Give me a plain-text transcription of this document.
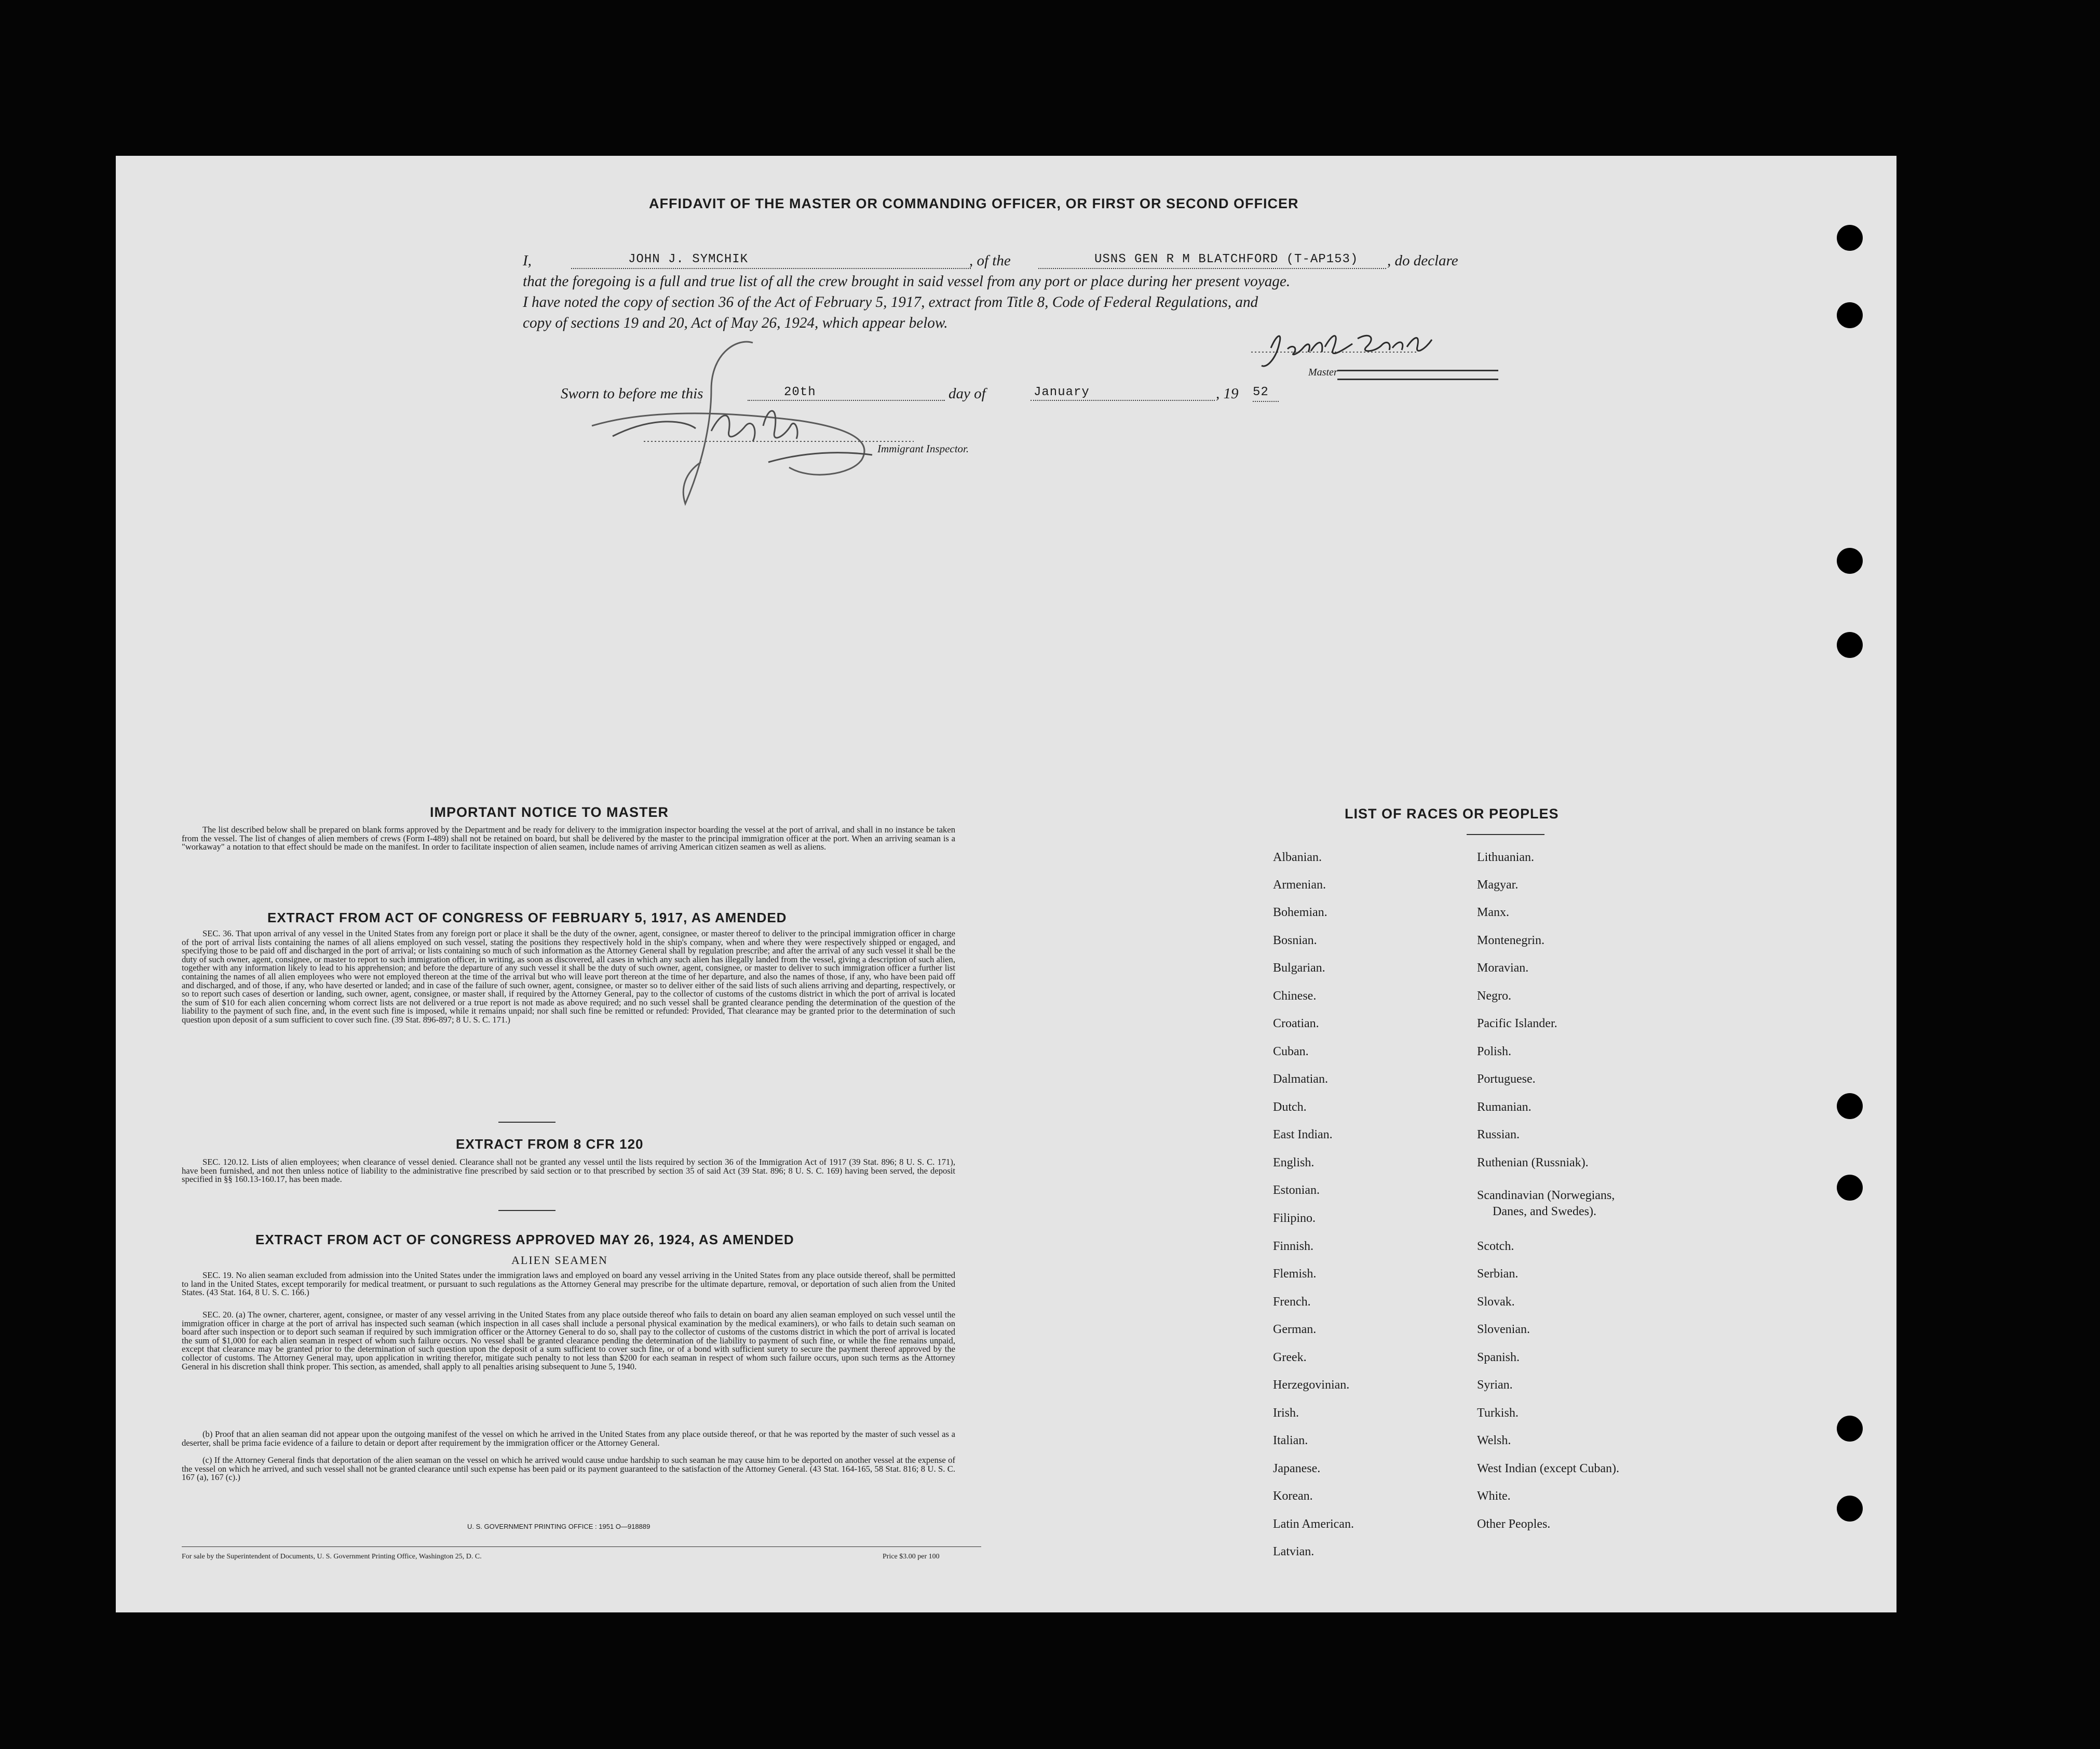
AFFIDAVIT OF THE MASTER OR COMMANDING OFFICER, OR FIRST OR SECOND OFFICER
I,	JOHN J. SYMCHIK	, of the	USNS GEN R M BLATCHFORD (T-AP153)	, do declare
that the foregoing is a full and true list of all the crew brought in said vessel from any port or place during her present voyage.
I have noted the copy of section 36 of the Act of February 5, 1917, extract from Title 8, Code of Federal Regulations, and
copy of sections 19 and 20, Act of May 26, 1924, which appear below.
Master
Sworn to before me this	20th	day of	January	, 19 52
Immigrant Inspector.
IMPORTANT NOTICE TO MASTER
The list described below shall be prepared on blank forms approved by the Department and be ready for delivery to the immigration inspector boarding the vessel at the port of arrival, and shall in no instance be taken from the vessel. The list of changes of alien members of crews (Form I-489) shall not be retained on board, but shall be delivered by the master to the principal immigration officer at the port. When an arriving seaman is a "workaway" a notation to that effect should be made on the manifest. In order to facilitate inspection of alien seamen, include names of arriving American citizen seamen as well as aliens.
EXTRACT FROM ACT OF CONGRESS OF FEBRUARY 5, 1917, AS AMENDED
SEC. 36. That upon arrival of any vessel in the United States from any foreign port or place it shall be the duty of the owner, agent, consignee, or master thereof to deliver to the principal immigration officer in charge of the port of arrival lists containing the names of all aliens employed on such vessel, stating the positions they respectively hold in the ship's company, when and where they were respectively shipped or engaged, and specifying those to be paid off and discharged in the port of arrival; or lists containing so much of such information as the Attorney General shall by regulation prescribe; and after the arrival of any such vessel it shall be the duty of such owner, agent, consignee, or master to report to such immigration officer, in writing, as soon as discovered, all cases in which any such alien has illegally landed from the vessel, giving a description of such alien, together with any information likely to lead to his apprehension; and before the departure of any such vessel it shall be the duty of such owner, agent, consignee, or master to deliver to such immigration officer a further list containing the names of all alien employees who were not employed thereon at the time of the arrival but who will leave port thereon at the time of her departure, and also the names of those, if any, who have been paid off and discharged, and of those, if any, who have deserted or landed; and in case of the failure of such owner, agent, consignee, or master so to deliver either of the said lists of such aliens arriving and departing, respectively, or so to report such cases of desertion or landing, such owner, agent, consignee, or master shall, if required by the Attorney General, pay to the collector of customs of the customs district in which the port of arrival is located the sum of $10 for each alien concerning whom correct lists are not delivered or a true report is not made as above required; and no such vessel shall be granted clearance pending the determination of the question of the liability to the payment of such fine, and, in the event such fine is imposed, while it remains unpaid; nor shall such fine be remitted or refunded: Provided, That clearance may be granted prior to the determination of such question upon deposit of a sum sufficient to cover such fine. (39 Stat. 896-897; 8 U. S. C. 171.)
EXTRACT FROM 8 CFR 120
SEC. 120.12. Lists of alien employees; when clearance of vessel denied. Clearance shall not be granted any vessel until the lists required by section 36 of the Immigration Act of 1917 (39 Stat. 896; 8 U. S. C. 171), have been furnished, and not then unless notice of liability to the administrative fine prescribed by said section or to that prescribed by section 35 of said Act (39 Stat. 896; 8 U. S. C. 169) having been served, the deposit specified in §§ 160.13-160.17, has been made.
EXTRACT FROM ACT OF CONGRESS APPROVED MAY 26, 1924, AS AMENDED
ALIEN SEAMEN
SEC. 19. No alien seaman excluded from admission into the United States under the immigration laws and employed on board any vessel arriving in the United States from any place outside thereof, shall be permitted to land in the United States, except temporarily for medical treatment, or pursuant to such regulations as the Attorney General may prescribe for the ultimate departure, removal, or deportation of such alien from the United States. (43 Stat. 164, 8 U. S. C. 166.)
SEC. 20. (a) The owner, charterer, agent, consignee, or master of any vessel arriving in the United States from any place outside thereof who fails to detain on board any alien seaman employed on such vessel until the immigration officer in charge at the port of arrival has inspected such seaman (which inspection in all cases shall include a personal physical examination by the medical examiners), or who fails to detain such seaman on board after such inspection or to deport such seaman if required by such immigration officer or the Attorney General to do so, shall pay to the collector of customs of the customs district in which the port of arrival is located the sum of $1,000 for each alien seaman in respect of whom such failure occurs. No vessel shall be granted clearance pending the determination of the liability to payment of such fine, or while the fine remains unpaid, except that clearance may be granted prior to the determination of such question upon the deposit of a sum sufficient to cover such fine, or of a bond with sufficient surety to secure the payment thereof approved by the collector of customs. The Attorney General may, upon application in writing therefor, mitigate such penalty to not less than $200 for each seaman in respect of whom such failure occurs, upon such terms as the Attorney General in his discretion shall think proper. This section, as amended, shall apply to all penalties arising subsequent to June 5, 1940.
(b) Proof that an alien seaman did not appear upon the outgoing manifest of the vessel on which he arrived in the United States from any place outside thereof, or that he was reported by the master of such vessel as a deserter, shall be prima facie evidence of a failure to detain or deport after requirement by the immigration officer or the Attorney General.
(c) If the Attorney General finds that deportation of the alien seaman on the vessel on which he arrived would cause undue hardship to such seaman he may cause him to be deported on another vessel at the expense of the vessel on which he arrived, and such vessel shall not be granted clearance until such expense has been paid or its payment guaranteed to the satisfaction of the Attorney General. (43 Stat. 164-165, 58 Stat. 816; 8 U. S. C. 167 (a), 167 (c).)
U. S. GOVERNMENT PRINTING OFFICE : 1951 O—918889
For sale by the Superintendent of Documents, U. S. Government Printing Office, Washington 25, D. C.	Price $3.00 per 100
LIST OF RACES OR PEOPLES
Albanian.
Armenian.
Bohemian.
Bosnian.
Bulgarian.
Chinese.
Croatian.
Cuban.
Dalmatian.
Dutch.
East Indian.
English.
Estonian.
Filipino.
Finnish.
Flemish.
French.
German.
Greek.
Herzegovinian.
Irish.
Italian.
Japanese.
Korean.
Latin American.
Latvian.
Lithuanian.
Magyar.
Manx.
Montenegrin.
Moravian.
Negro.
Pacific Islander.
Polish.
Portuguese.
Rumanian.
Russian.
Ruthenian (Russniak).
Scandinavian (Norwegians,
Danes, and Swedes).
Scotch.
Serbian.
Slovak.
Slovenian.
Spanish.
Syrian.
Turkish.
Welsh.
West Indian (except Cuban).
White.
Other Peoples.
